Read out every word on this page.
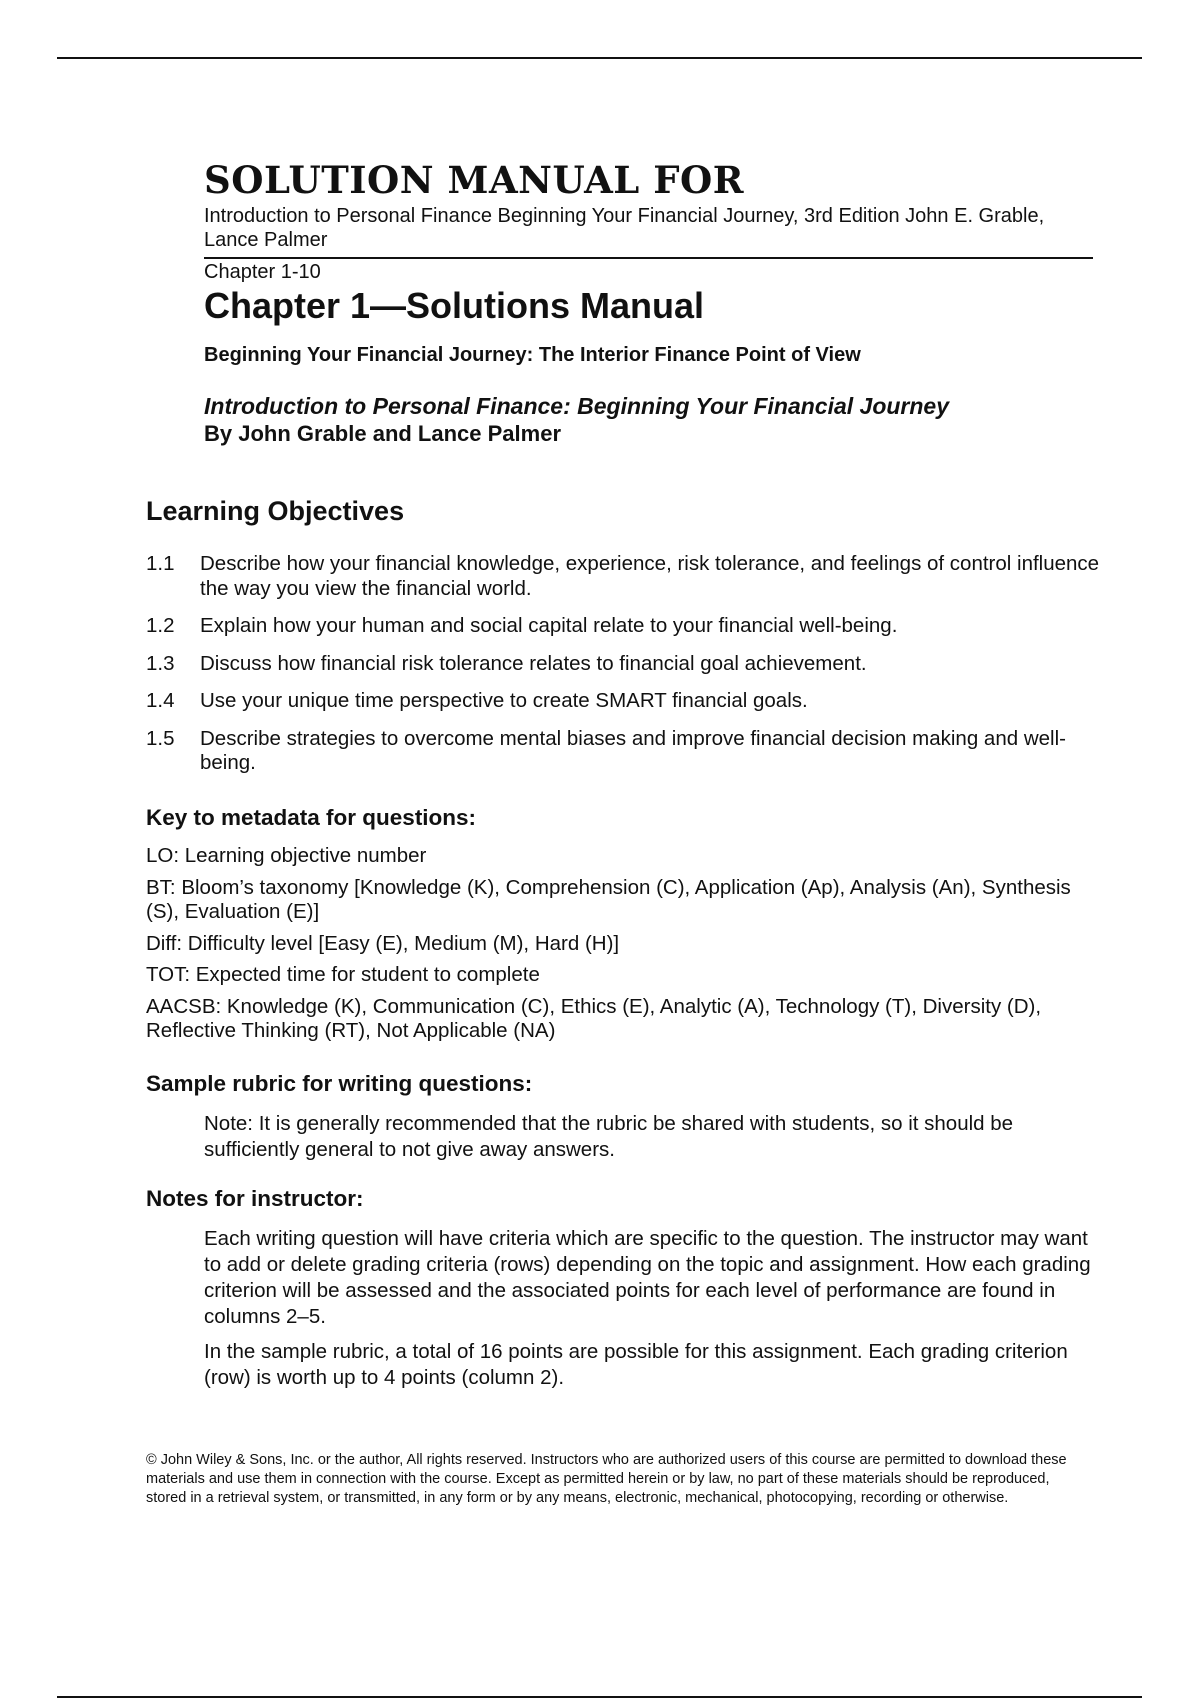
SOLUTION MANUAL FOR

Introduction to Personal Finance Beginning Your Financial Journey, 3rd Edition John E. Grable, Lance Palmer

Chapter 1-10
Chapter 1—Solutions Manual
Beginning Your Financial Journey: The Interior Finance Point of View
Introduction to Personal Finance: Beginning Your Financial Journey
By John Grable and Lance Palmer
Learning Objectives
1.1	Describe how your financial knowledge, experience, risk tolerance, and feelings of control influence the way you view the financial world.
1.2	Explain how your human and social capital relate to your financial well-being.
1.3	Discuss how financial risk tolerance relates to financial goal achievement.
1.4	Use your unique time perspective to create SMART financial goals.
1.5	Describe strategies to overcome mental biases and improve financial decision making and well-being.
Key to metadata for questions:
LO: Learning objective number
BT: Bloom’s taxonomy [Knowledge (K), Comprehension (C), Application (Ap), Analysis (An), Synthesis (S), Evaluation (E)]
Diff: Difficulty level [Easy (E), Medium (M), Hard (H)]
TOT: Expected time for student to complete
AACSB: Knowledge (K), Communication (C), Ethics (E), Analytic (A), Technology (T), Diversity (D), Reflective Thinking (RT), Not Applicable (NA)
Sample rubric for writing questions:

Note: It is generally recommended that the rubric be shared with students, so it should be sufficiently general to not give away answers.

Notes for instructor:

Each writing question will have criteria which are specific to the question. The instructor may want to add or delete grading criteria (rows) depending on the topic and assignment. How each grading criterion will be assessed and the associated points for each level of performance are found in columns 2–5.

In the sample rubric, a total of 16 points are possible for this assignment. Each grading criterion (row) is worth up to 4 points (column 2).

© John Wiley & Sons, Inc. or the author, All rights reserved. Instructors who are authorized users of this course are permitted to download these materials and use them in connection with the course. Except as permitted herein or by law, no part of these materials should be reproduced, stored in a retrieval system, or transmitted, in any form or by any means, electronic, mechanical, photocopying, recording or otherwise.
